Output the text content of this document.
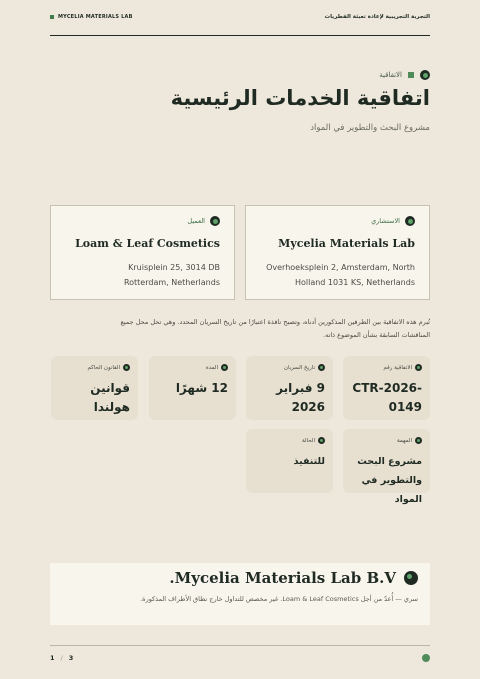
التجربة التجريبية لإعادة تعبئة الفطريات
MYCELIA MATERIALS LAB
الاتفاقية
اتفاقية الخدمات الرئيسية
مشروع البحث والتطوير في المواد
الاستشاري
Mycelia Materials Lab
Overhoeksplein 2, Amsterdam, North
Holland 1031 KS, Netherlands
العميل
Loam & Leaf Cosmetics
Kruisplein 25, 3014 DB
Rotterdam, Netherlands

تُبرم هذه الاتفاقية بين الطرفين المذكورين أدناه، وتصبح نافذة اعتبارًا من تاريخ السريان المحدد. وهي تحل محل جميع المناقشات السابقة بشأن الموضوع ذاته.

الاتفاقية رقم
CTR-2026-0149
تاريخ السريان
9 فبراير 2026
المدة
12 شهرًا
القانون الحاكم
قوانين هولندا
المهمة
مشروع البحث والتطوير في المواد
الحالة
للتنفيذ
Mycelia Materials Lab B.V.

سري — أُعدّ من أجل Loam & Leaf Cosmetics. غير مخصص للتداول خارج نطاق الأطراف المذكورة.

1 / 3
